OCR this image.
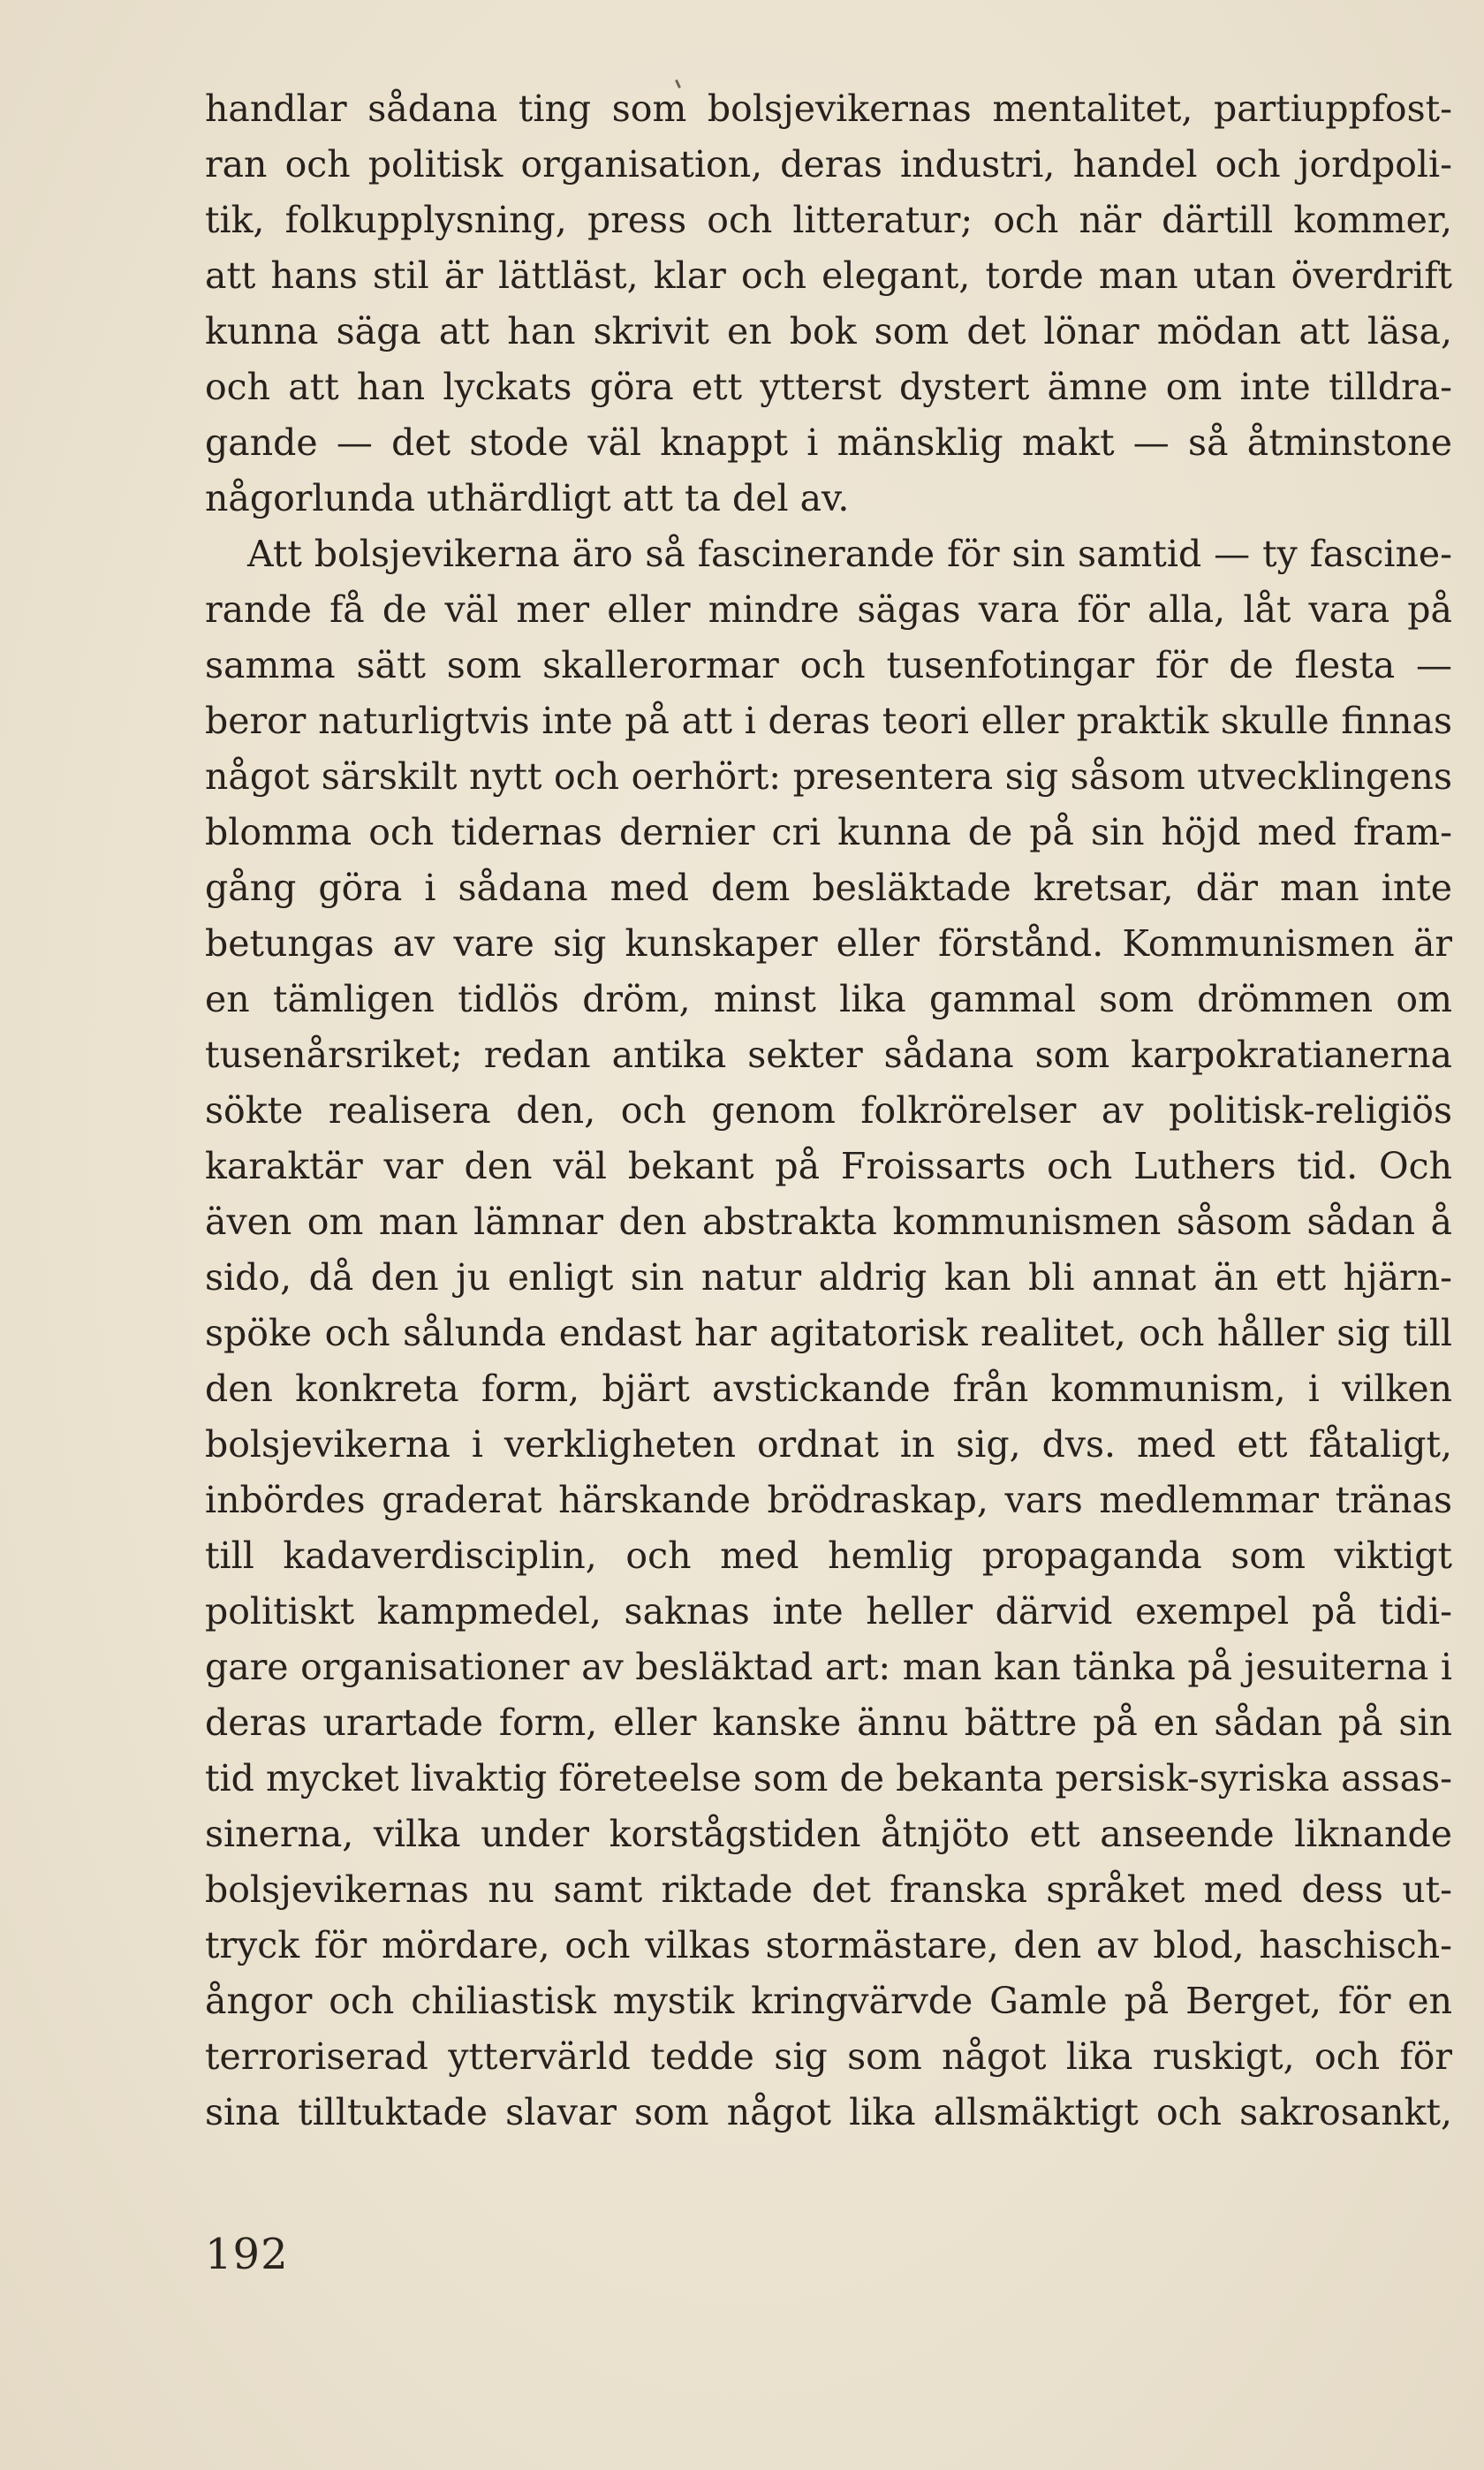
handlar sådana ting som bolsjevikernas mentalitet, partiuppfost-
ran och politisk organisation, deras industri, handel och jordpoli-
tik, folkupplysning, press och litteratur; och när därtill kommer,
att hans stil är lättläst, klar och elegant, torde man utan överdrift
kunna säga att han skrivit en bok som det lönar mödan att läsa,
och att han lyckats göra ett ytterst dystert ämne om inte tilldra-
gande — det stode väl knappt i mänsklig makt — så åtminstone
någorlunda uthärdligt att ta del av.
Att bolsjevikerna äro så fascinerande för sin samtid — ty fascine-
rande få de väl mer eller mindre sägas vara för alla, låt vara på
samma sätt som skallerormar och tusenfotingar för de flesta —
beror naturligtvis inte på att i deras teori eller praktik skulle finnas
något särskilt nytt och oerhört: presentera sig såsom utvecklingens
blomma och tidernas dernier cri kunna de på sin höjd med fram-
gång göra i sådana med dem besläktade kretsar, där man inte
betungas av vare sig kunskaper eller förstånd. Kommunismen är
en tämligen tidlös dröm, minst lika gammal som drömmen om
tusenårsriket; redan antika sekter sådana som karpokratianerna
sökte realisera den, och genom folkrörelser av politisk-religiös
karaktär var den väl bekant på Froissarts och Luthers tid. Och
även om man lämnar den abstrakta kommunismen såsom sådan å
sido, då den ju enligt sin natur aldrig kan bli annat än ett hjärn-
spöke och sålunda endast har agitatorisk realitet, och håller sig till
den konkreta form, bjärt avstickande från kommunism, i vilken
bolsjevikerna i verkligheten ordnat in sig, dvs. med ett fåtaligt,
inbördes graderat härskande brödraskap, vars medlemmar tränas
till kadaverdisciplin, och med hemlig propaganda som viktigt
politiskt kampmedel, saknas inte heller därvid exempel på tidi-
gare organisationer av besläktad art: man kan tänka på jesuiterna i
deras urartade form, eller kanske ännu bättre på en sådan på sin
tid mycket livaktig företeelse som de bekanta persisk-syriska assas-
sinerna, vilka under korstågstiden åtnjöto ett anseende liknande
bolsjevikernas nu samt riktade det franska språket med dess ut-
tryck för mördare, och vilkas stormästare, den av blod, haschisch-
ångor och chiliastisk mystik kringvärvde Gamle på Berget, för en
terroriserad yttervärld tedde sig som något lika ruskigt, och för
sina tilltuktade slavar som något lika allsmäktigt och sakrosankt,
192
